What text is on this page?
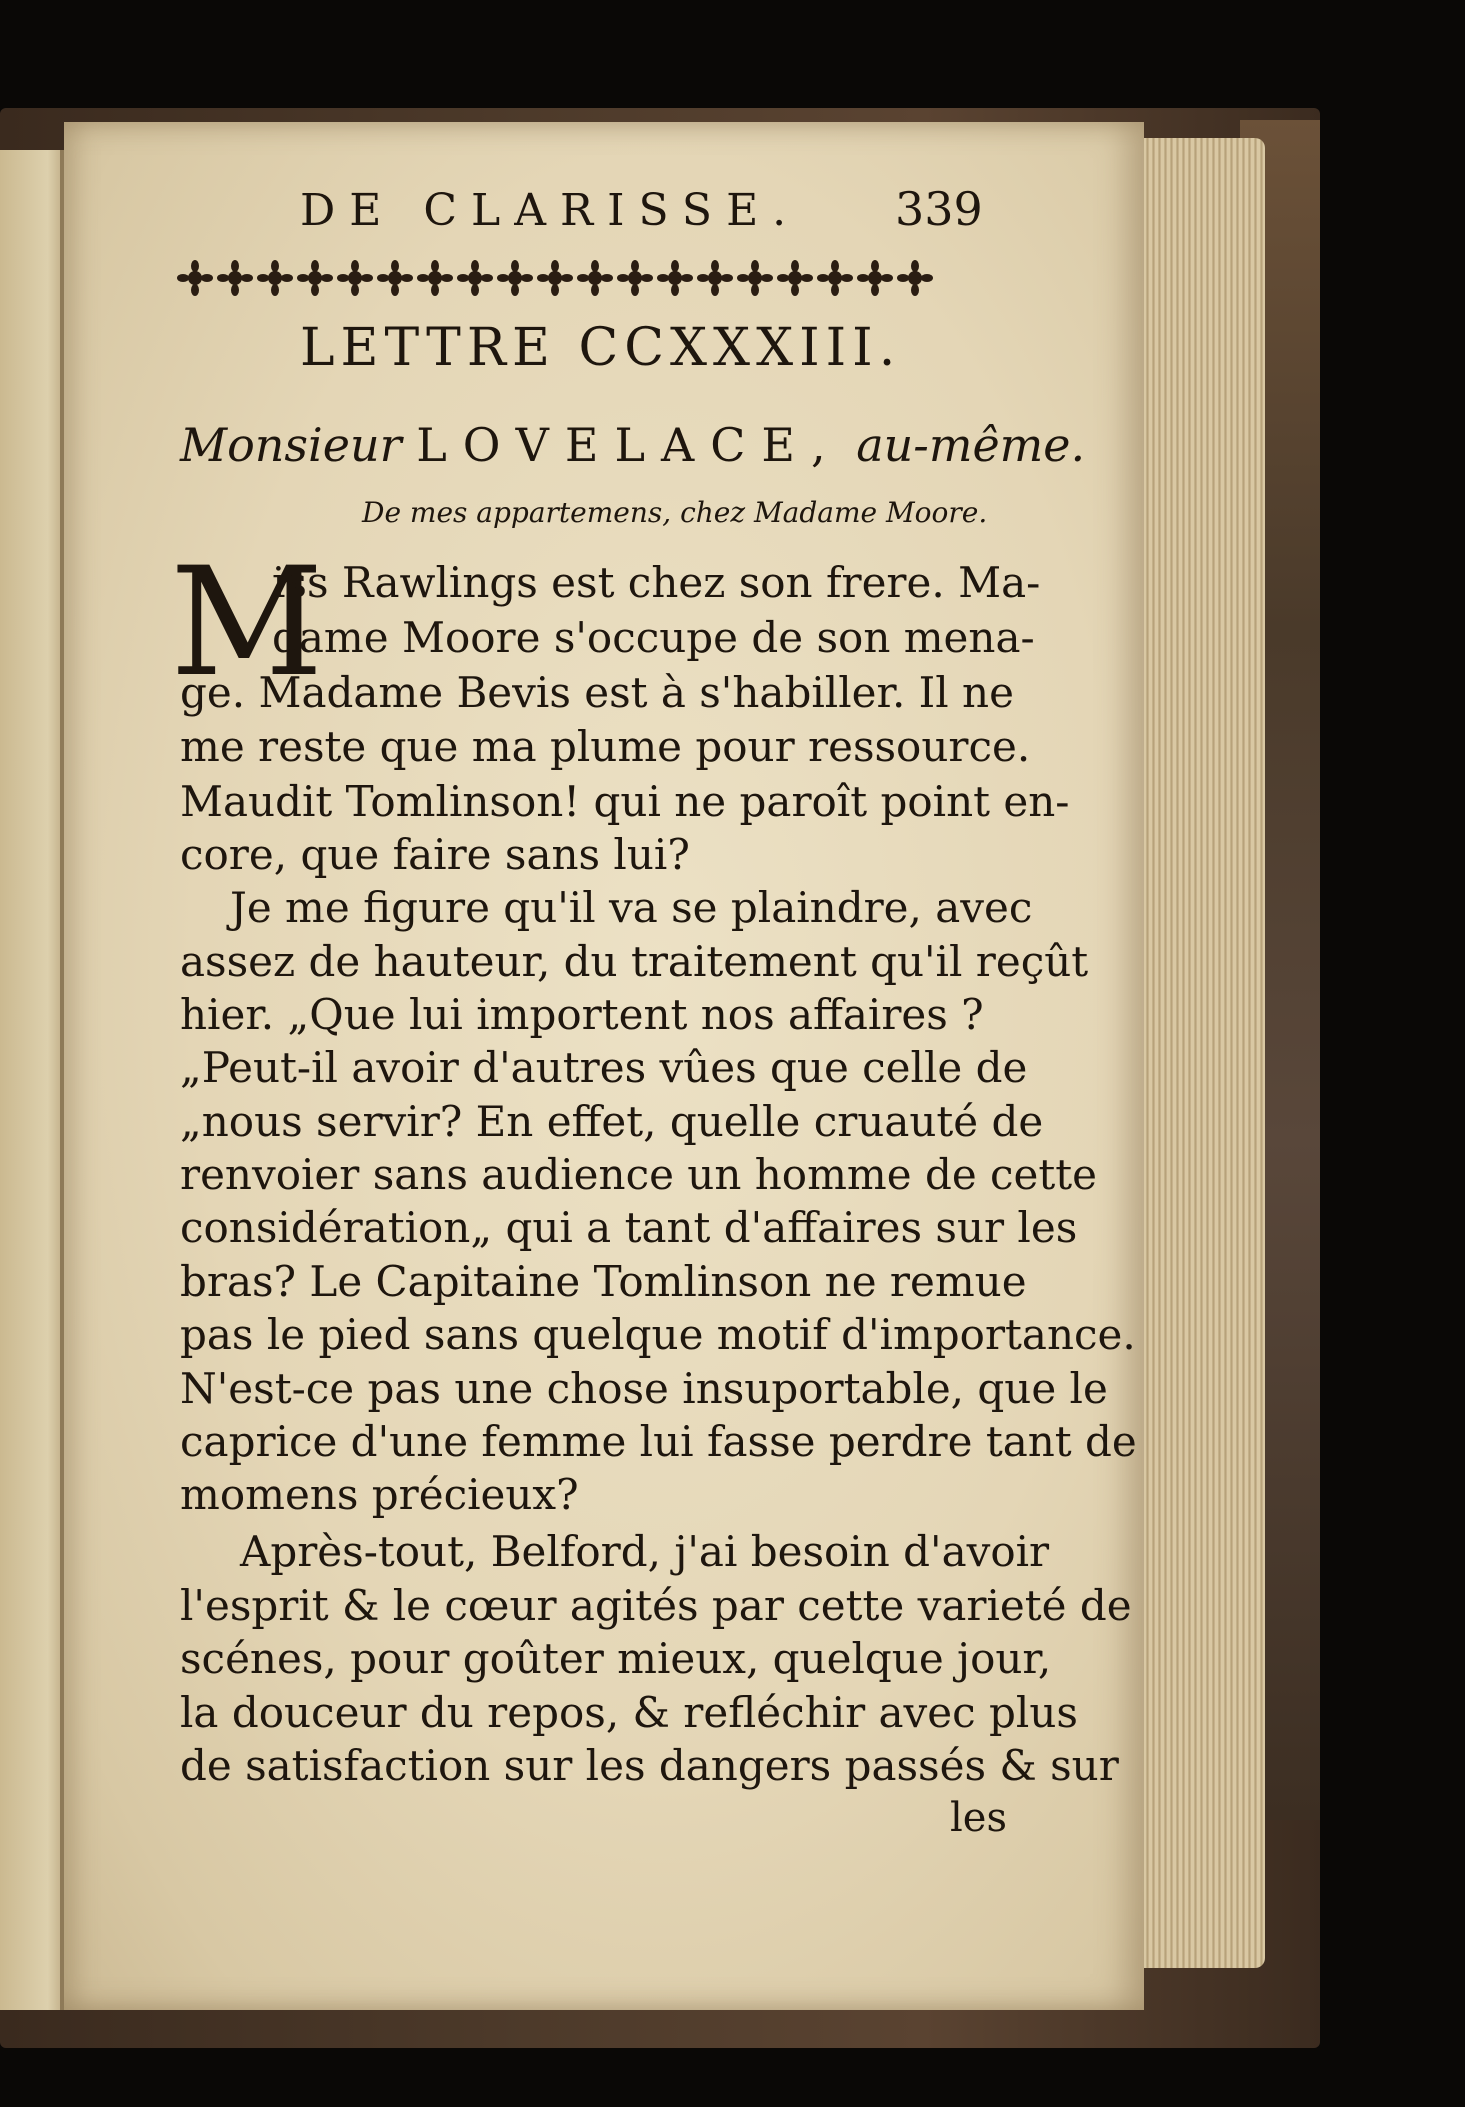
DE CLARISSE.	339
LETTRE CCXXXIII.
Monsieur LOVELACE, au-même.
De mes appartemens, chez Madame Moore.
M
iss Rawlings est chez son frere. Ma-
dame Moore s'occupe de son mena-
ge. Madame Bevis est à s'habiller. Il ne
me reste que ma plume pour ressource.
Maudit Tomlinson! qui ne paroît point en-
core, que faire sans lui?
Je me figure qu'il va se plaindre, avec
assez de hauteur, du traitement qu'il reçût
hier. „Que lui importent nos affaires ?
„Peut-il avoir d'autres vûes que celle de
„nous servir? En effet, quelle cruauté de
renvoier sans audience un homme de cette
considération„ qui a tant d'affaires sur les
bras? Le Capitaine Tomlinson ne remue
pas le pied sans quelque motif d'importance.
N'est-ce pas une chose insuportable, que le
caprice d'une femme lui fasse perdre tant de
momens précieux?
Après-tout, Belford, j'ai besoin d'avoir
l'esprit & le cœur agités par cette varieté de
scénes, pour goûter mieux, quelque jour,
la douceur du repos, & refléchir avec plus
de satisfaction sur les dangers passés & sur
les
